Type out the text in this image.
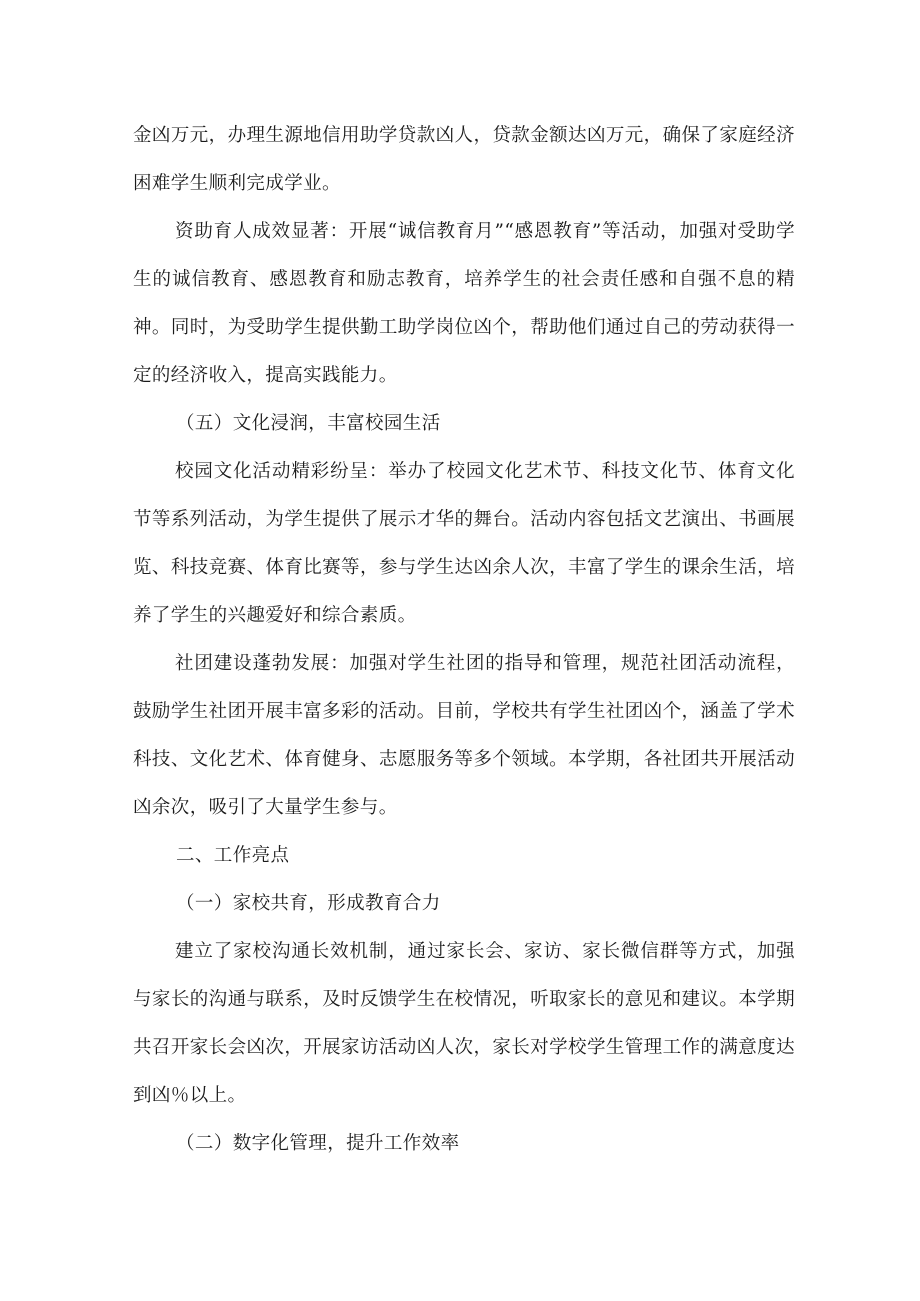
金凶万元，办理生源地信用助学贷款凶人，贷款金额达凶万元，确保了家庭经济困难学生顺利完成学业。

资助育人成效显著：开展“诚信教育月”“感恩教育”等活动，加强对受助学生的诚信教育、感恩教育和励志教育，培养学生的社会责任感和自强不息的精神。同时，为受助学生提供勤工助学岗位凶个，帮助他们通过自己的劳动获得一定的经济收入，提高实践能力。

（五）文化浸润，丰富校园生活

校园文化活动精彩纷呈：举办了校园文化艺术节、科技文化节、体育文化节等系列活动，为学生提供了展示才华的舞台。活动内容包括文艺演出、书画展览、科技竞赛、体育比赛等，参与学生达凶余人次，丰富了学生的课余生活，培养了学生的兴趣爱好和综合素质。

社团建设蓬勃发展：加强对学生社团的指导和管理，规范社团活动流程，鼓励学生社团开展丰富多彩的活动。目前，学校共有学生社团凶个，涵盖了学术科技、文化艺术、体育健身、志愿服务等多个领域。本学期，各社团共开展活动凶余次，吸引了大量学生参与。

二、工作亮点

（一）家校共育，形成教育合力

建立了家校沟通长效机制，通过家长会、家访、家长微信群等方式，加强与家长的沟通与联系，及时反馈学生在校情况，听取家长的意见和建议。本学期共召开家长会凶次，开展家访活动凶人次，家长对学校学生管理工作的满意度达到凶％以上。

（二）数字化管理，提升工作效率
